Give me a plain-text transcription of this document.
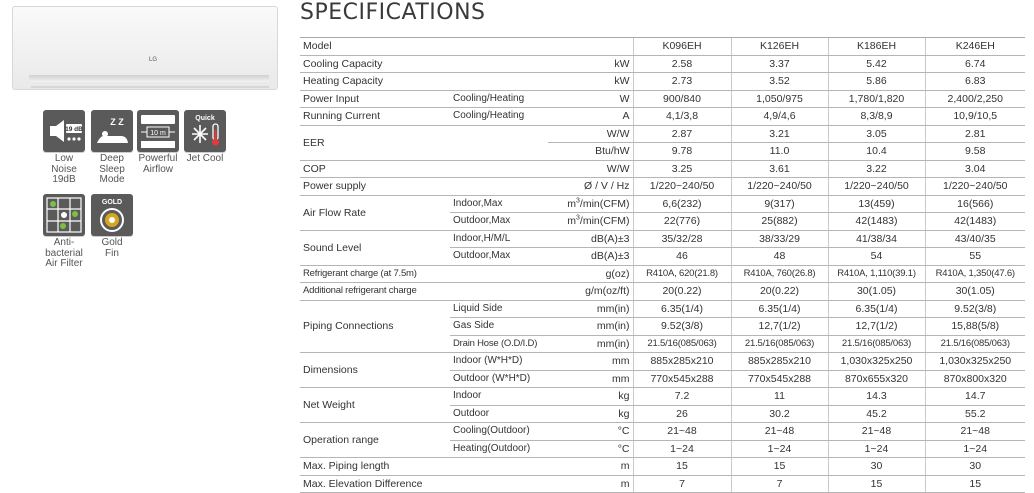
LG
19 dB
Low
Noise
19dB
Z Z
Deep
Sleep
Mode
10 m
Powerful
Airflow
Quick
Jet Cool
Anti-
bacterial
Air Filter
GOLD
Gold
Fin
SPECIFICATIONS
Model			K096EH	K126EH	K186EH	K246EH
Cooling Capacity		kW	2.58	3.37	5.42	6.74
Heating Capacity		kW	2.73	3.52	5.86	6.83
Power Input	Cooling/Heating	W	900/840	1,050/975	1,780/1,820	2,400/2,250
Running Current	Cooling/Heating	A	4,1/3,8	4,9/4,6	8,3/8,9	10,9/10,5
EER		W/W	2.87	3.21	3.05	2.81
		Btu/hW	9.78	11.0	10.4	9.58
COP		W/W	3.25	3.61	3.22	3.04
Power supply		Ø / V / Hz	1/220~240/50	1/220~240/50	1/220~240/50	1/220~240/50
Air Flow Rate	Indoor,Max	$m^3/\min(CFM)$	6,6(232)	9(317)	13(459)	16(566)
	Outdoor,Max	$m^3/\min(CFM)$	22(776)	25(882)	42(1483)	42(1483)
Sound Level	Indoor,H/M/L	dB(A)±3	35/32/28	38/33/29	41/38/34	43/40/35
	Outdoor,Max	dB(A)±3	46	48	54	55
Refrigerant charge (at 7.5m)		g(oz)	R410A, 620(21.8)	R410A, 760(26.8)	R410A, 1,110(39.1)	R410A, 1,350(47.6)
Additional refrigerant charge		g/m(oz/ft)	20(0.22)	20(0.22)	30(1.05)	30(1.05)
Piping Connections	Liquid Side	mm(in)	6.35(1/4)	6.35(1/4)	6.35(1/4)	9.52(3/8)
	Gas Side	mm(in)	9.52(3/8)	12,7(1/2)	12,7(1/2)	15,88(5/8)
	Drain Hose (O.D/I.D)	mm(in)	21.5/16(085/063)	21.5/16(085/063)	21.5/16(085/063)	21.5/16(085/063)
Dimensions	Indoor (W*H*D)	mm	885x285x210	885x285x210	1,030x325x250	1,030x325x250
	Outdoor (W*H*D)	mm	770x545x288	770x545x288	870x655x320	870x800x320
Net Weight	Indoor	kg	7.2	11	14.3	14.7
	Outdoor	kg	26	30.2	45.2	55.2
Operation range	Cooling(Outdoor)	°C	21~48	21~48	21~48	21~48
	Heating(Outdoor)	°C	1~24	1~24	1~24	1~24
Max. Piping length		m	15	15	30	30
Max. Elevation Difference		m	7	7	15	15
